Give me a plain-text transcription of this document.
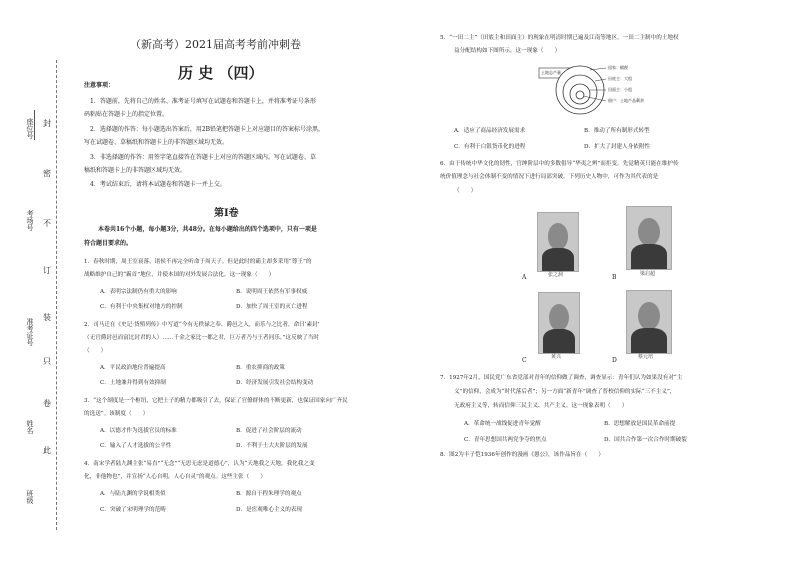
封
密
不
订
装
只
卷
此
座位号
考场号
准考证号
姓名
班级
（新高考）2021届高考考前冲刺卷
历 史 （四）
注意事项：
1．答题前，先将自己的姓名、准考证号填写在试题卷和答题卡上，并将准考证号条形
码粘贴在答题卡上的指定位置。
2．选择题的作答：每小题选出答案后，用2B铅笔把答题卡上对应题目的答案标号涂黑，
写在试题卷、草稿纸和答题卡上的非答题区域均无效。
3．非选择题的作答：用签字笔直接答在答题卡上对应的答题区域内。写在试题卷、草
稿纸和答题卡上的非答题区域均无效。
4．考试结束后，请将本试题卷和答题卡一并上交。
第Ⅰ卷
本卷共16个小题，每小题3分，共48分。在每小题给出的四个选项中，只有一项是
符合题目要求的。
1．春秋时期，周王室衰落，诸侯不再完全听命于周天子。但是此时的霸主却多采用“尊王”的
战略维护自己的“霸首”地位，并使本国的对外发展合法化。这一现象（　　）
A．表明宗法制仍有重大的影响	B．说明周王依然有军事权威
C．有利于中央集权对地方的控制	D．加快了周王室的灭亡进程
2．司马迁在《史记·货殖列传》中写道“今有无秩禄之奉、爵邑之入，而乐与之比者，命曰‘素封’
（无官爵封邑而富比封君的人）……千金之家比一都之君，巨万者乃与王者同乐。”这反映了当时
（　　）
A．平民政治地位普遍提高	B．重农抑商的政策
C．土地兼并得到有效抑制	D．经济发展引发社会结构变动
3．“这个制度是一个枢纽，它把士子的精力都吸引了去，保证了官僚群体的不断更新，也保证国家向广齐民
的选送”。该制度（　　）
A．以德才作为选拔官员的标准	B．促进了社会阶层的流动
C．输入了人才选拔的公平性	D．不利于士大夫阶层的发展
4．南宋学者陆九渊主张“易直”“无念”“无思无虑是道德心”，认为“天地我之天地，我化我之变
化，非他物也”，并宣扬“人心自明，人心自灵”的观点。这些主张（　　）
A．与陆九渊的学说相类似	B．源自于程朱理学的观点
C．突破了宋明理学的范畴	D．是宦观唯心主义的表现
5．“一田二主”（田底主和田面主）的现象在明清时期已遍及江南等地区。一田二主制中的土地权
益分配结构如下图所示。这一现象（　　）
土地总产量
国家：赋税
田底主：大租
田面主：小租
佃户：土地产品剩余
A．适应了商品经济发展需求	B．推动了所有制形式转型
C．有利于白银货币化的进程	D．扩大了封建人身依附性
6．由于传统中华文化的韧性，官绅阶层中的多数倡导“华夷之辨”而拒变。先觉精英只能在维护传
统价值理念与社会体制不变的情况下进行局部突破。下列历史人物中，可作为其代表的是
（　　）
张之洞
A	梁启超
B
黄兴
C	蔡元培
D
7．1927年2月，国民党广东省党部对青年的信仰做了调查，调查显示：青年们认为如果没有对“主
义”的信仰，会成为“时代落后者”；另一方面“新青年”调查了普校信仰的实际“三不主义”，
无政府主义等，转而信仰三民主义、共产主义。这一现象表明（　　）
A．革命统一战线促进青年觉醒	B．思想解放是国民革命前提
C．青年思想国共两党争夺的焦点	D．国共合作第一次合作时期破裂
8．图2为丰子恺1936年创作的漫画《愚公》，该作品旨在（　　）
